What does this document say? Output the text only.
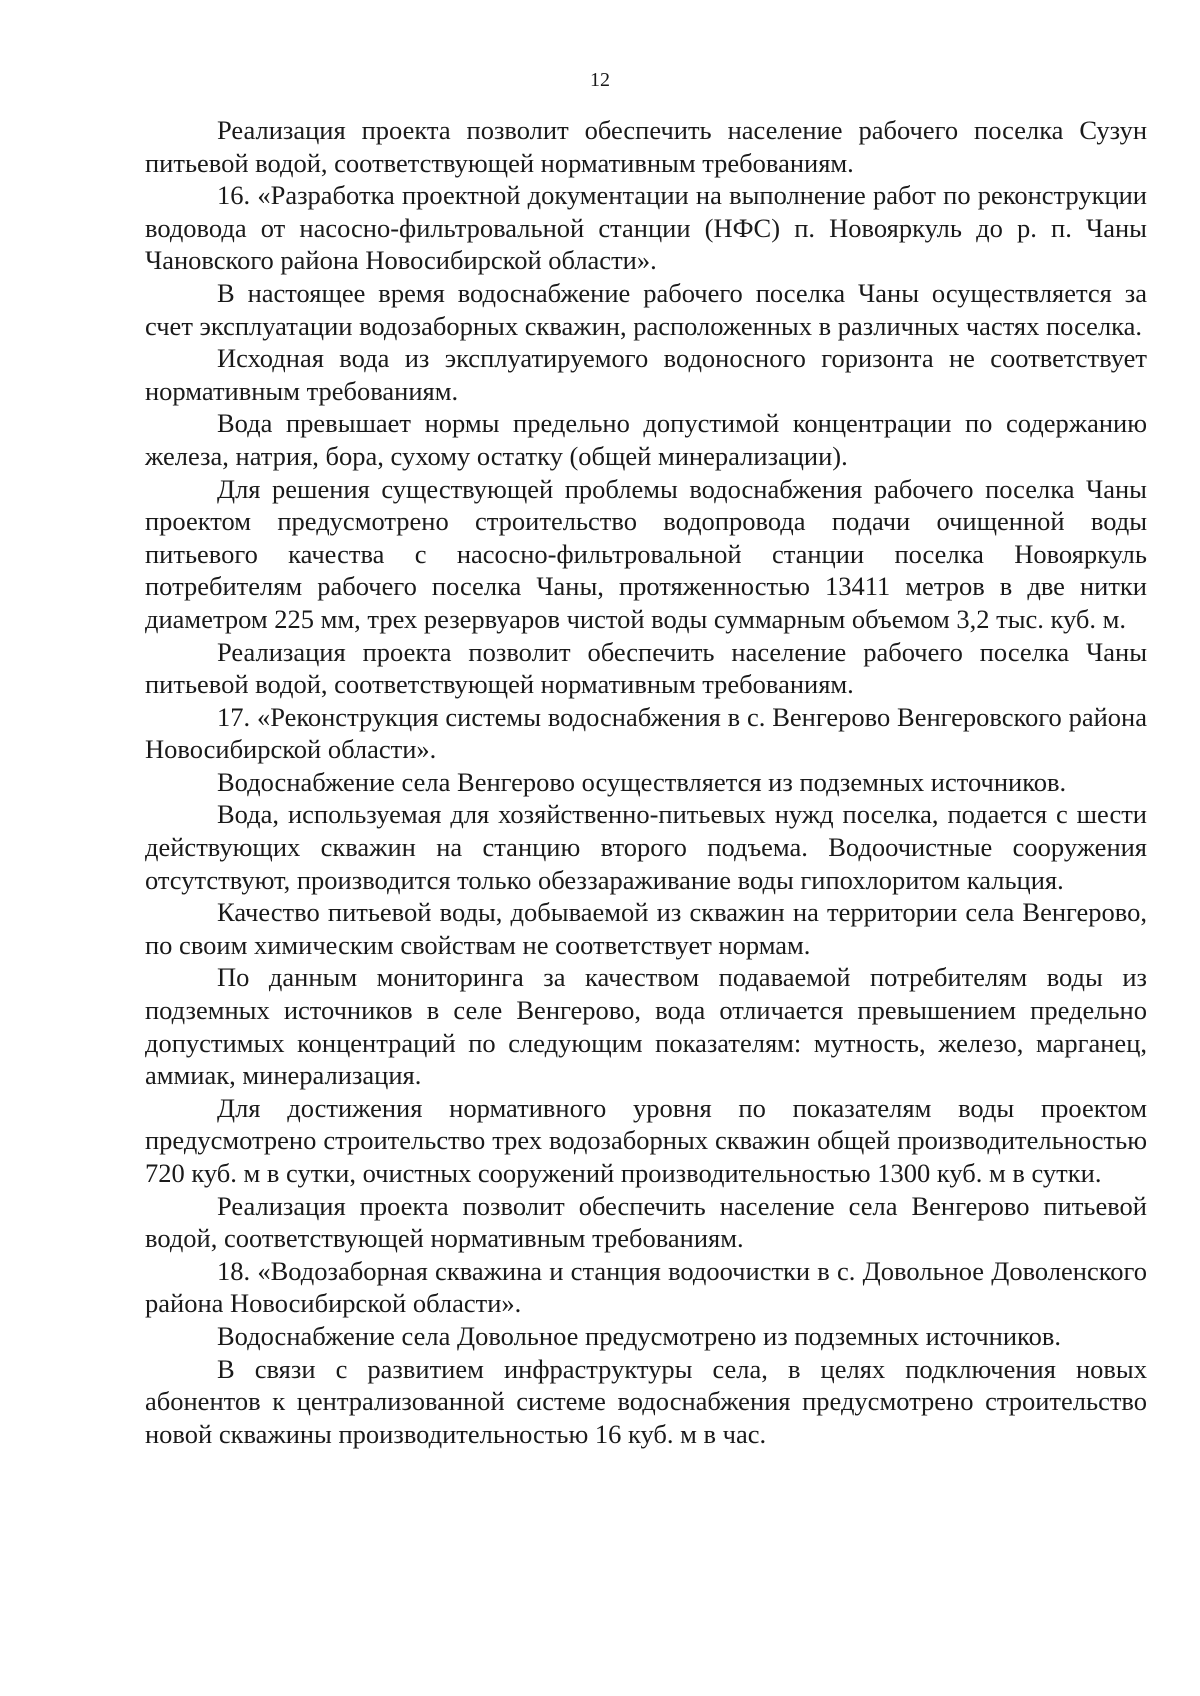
12

Реализация проекта позволит обеспечить население рабочего поселка Сузун питьевой водой, соответствующей нормативным требованиям.

16. «Разработка проектной документации на выполнение работ по реконструкции водовода от насосно-фильтровальной станции (НФС) п. Новояркуль до р. п. Чаны Чановского района Новосибирской области».

В настоящее время водоснабжение рабочего поселка Чаны осуществляется за счет эксплуатации водозаборных скважин, расположенных в различных частях поселка.

Исходная вода из эксплуатируемого водоносного горизонта не соответствует нормативным требованиям.

Вода превышает нормы предельно допустимой концентрации по содержанию железа, натрия, бора, сухому остатку (общей минерализации).

Для решения существующей проблемы водоснабжения рабочего поселка Чаны проектом предусмотрено строительство водопровода подачи очищенной воды питьевого качества с насосно-фильтровальной станции поселка Новояркуль потребителям рабочего поселка Чаны, протяженностью 13411 метров в две нитки диаметром 225 мм, трех резервуаров чистой воды суммарным объемом 3,2 тыс. куб. м.

Реализация проекта позволит обеспечить население рабочего поселка Чаны питьевой водой, соответствующей нормативным требованиям.

17. «Реконструкция системы водоснабжения в с. Венгерово Венгеровского района Новосибирской области».

Водоснабжение села Венгерово осуществляется из подземных источников.

Вода, используемая для хозяйственно-питьевых нужд поселка, подается с шести действующих скважин на станцию второго подъема. Водоочистные сооружения отсутствуют, производится только обеззараживание воды гипохлоритом кальция.

Качество питьевой воды, добываемой из скважин на территории села Венгерово, по своим химическим свойствам не соответствует нормам.

По данным мониторинга за качеством подаваемой потребителям воды из подземных источников в селе Венгерово, вода отличается превышением предельно допустимых концентраций по следующим показателям: мутность, железо, марганец, аммиак, минерализация.

Для достижения нормативного уровня по показателям воды проектом предусмотрено строительство трех водозаборных скважин общей производительностью 720 куб. м в сутки, очистных сооружений производительностью 1300 куб. м в сутки.

Реализация проекта позволит обеспечить население села Венгерово питьевой водой, соответствующей нормативным требованиям.

18. «Водозаборная скважина и станция водоочистки в с. Довольное Доволенского района Новосибирской области».

Водоснабжение села Довольное предусмотрено из подземных источников.

В связи с развитием инфраструктуры села, в целях подключения новых абонентов к централизованной системе водоснабжения предусмотрено строительство новой скважины производительностью 16 куб. м в час.
